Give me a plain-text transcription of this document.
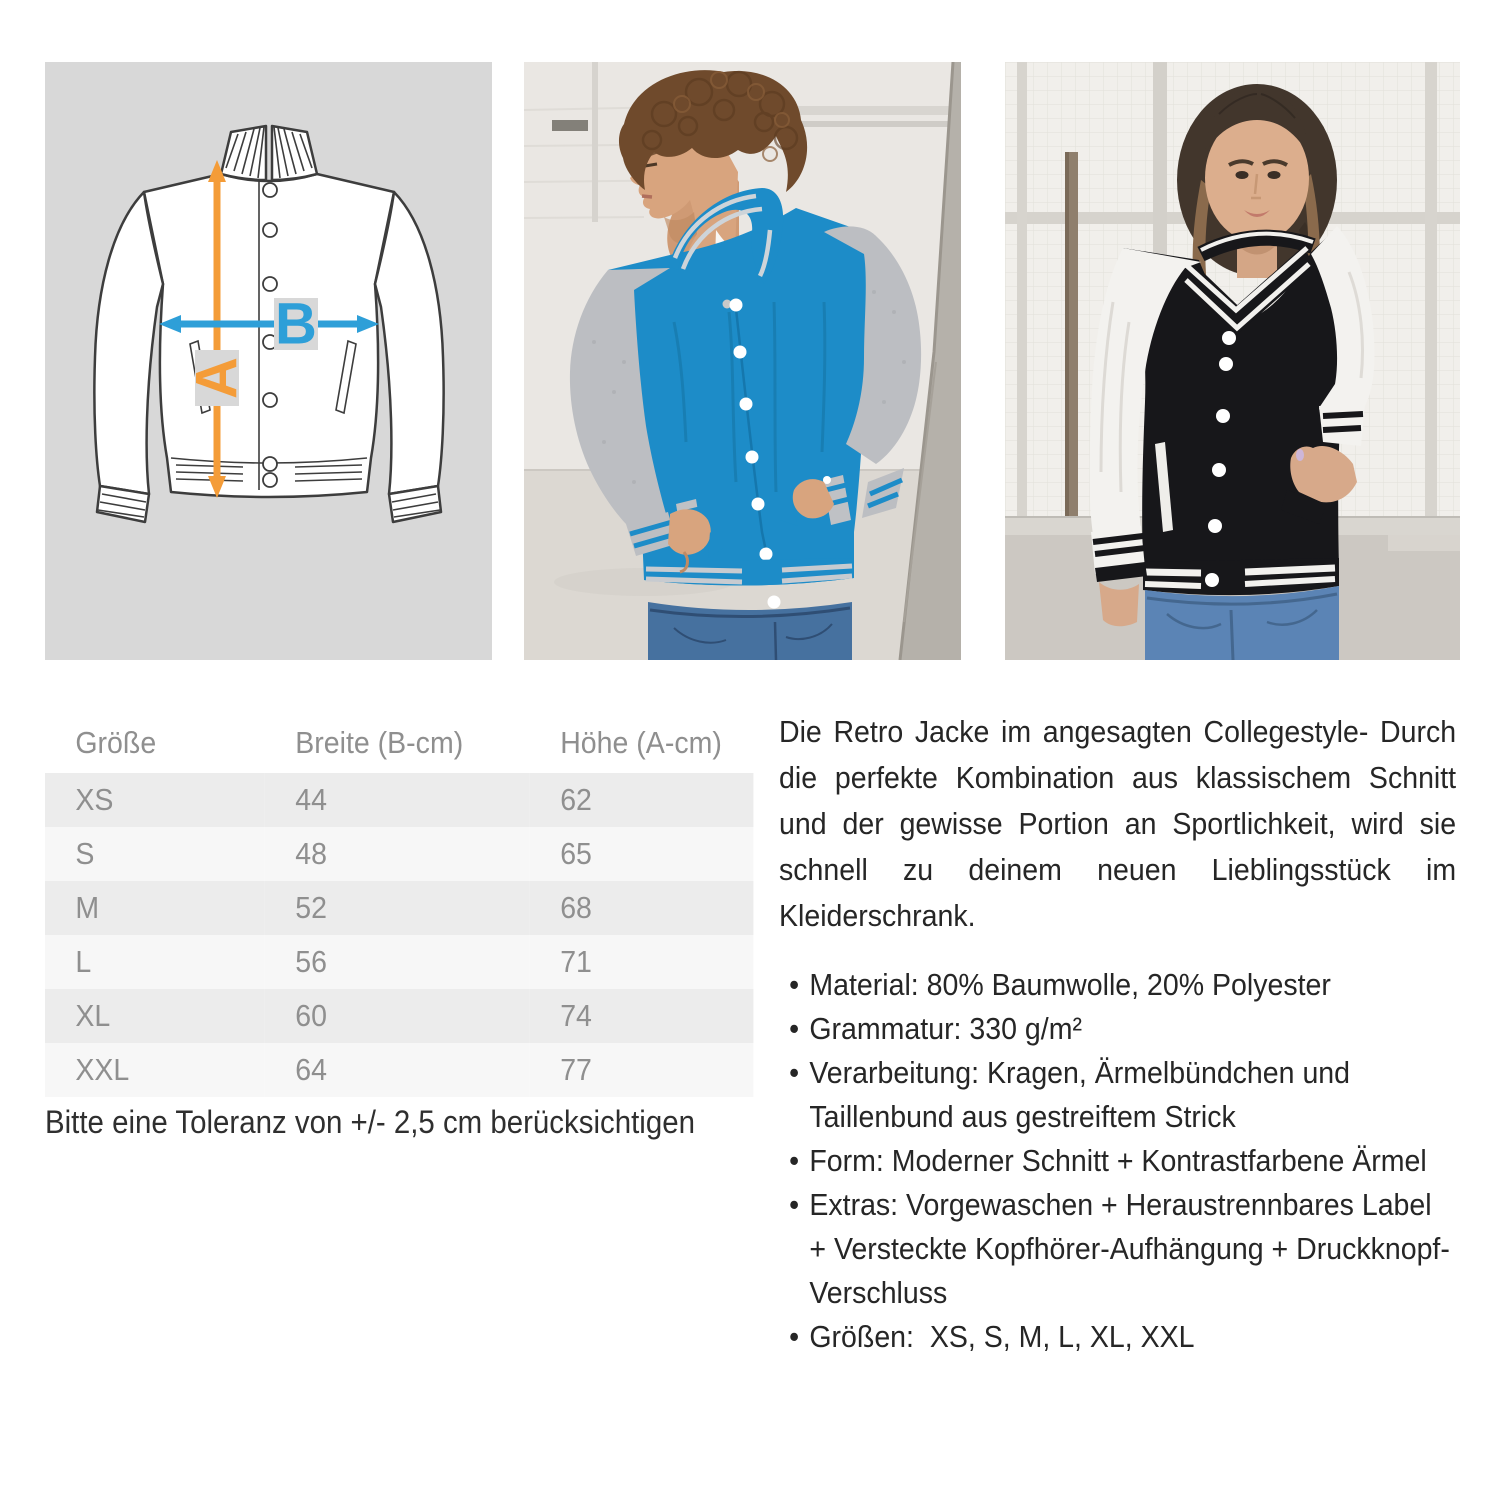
A
B
Größe	Breite (B-cm)	Höhe (A-cm)
XS	44	62
S	48	65
M	52	68
L	56	71
XL	60	74
XXL	64	77
Bitte eine Toleranz von +/- 2,5 cm berücksichtigen

Die Retro Jacke im angesagten Collegestyle- Durch die perfekte Kombination aus klassischem Schnitt und der gewisse Portion an Sportlichkeit, wird sie schnell zu deinem neuen Lieblingsstück im Kleiderschrank.

• Material: 80% Baumwolle, 20% Polyester
• Grammatur: 330 g/m²
• Verarbeitung: Kragen, Ärmelbündchen und Taillenbund aus gestreiftem Strick
• Form: Moderner Schnitt + Kontrastfarbene Ärmel
• Extras: Vorgewaschen + Heraustrennbares Label + Versteckte Kopfhörer-Aufhängung + Druckknopf-Verschluss
• Größen:  XS, S, M, L, XL, XXL
